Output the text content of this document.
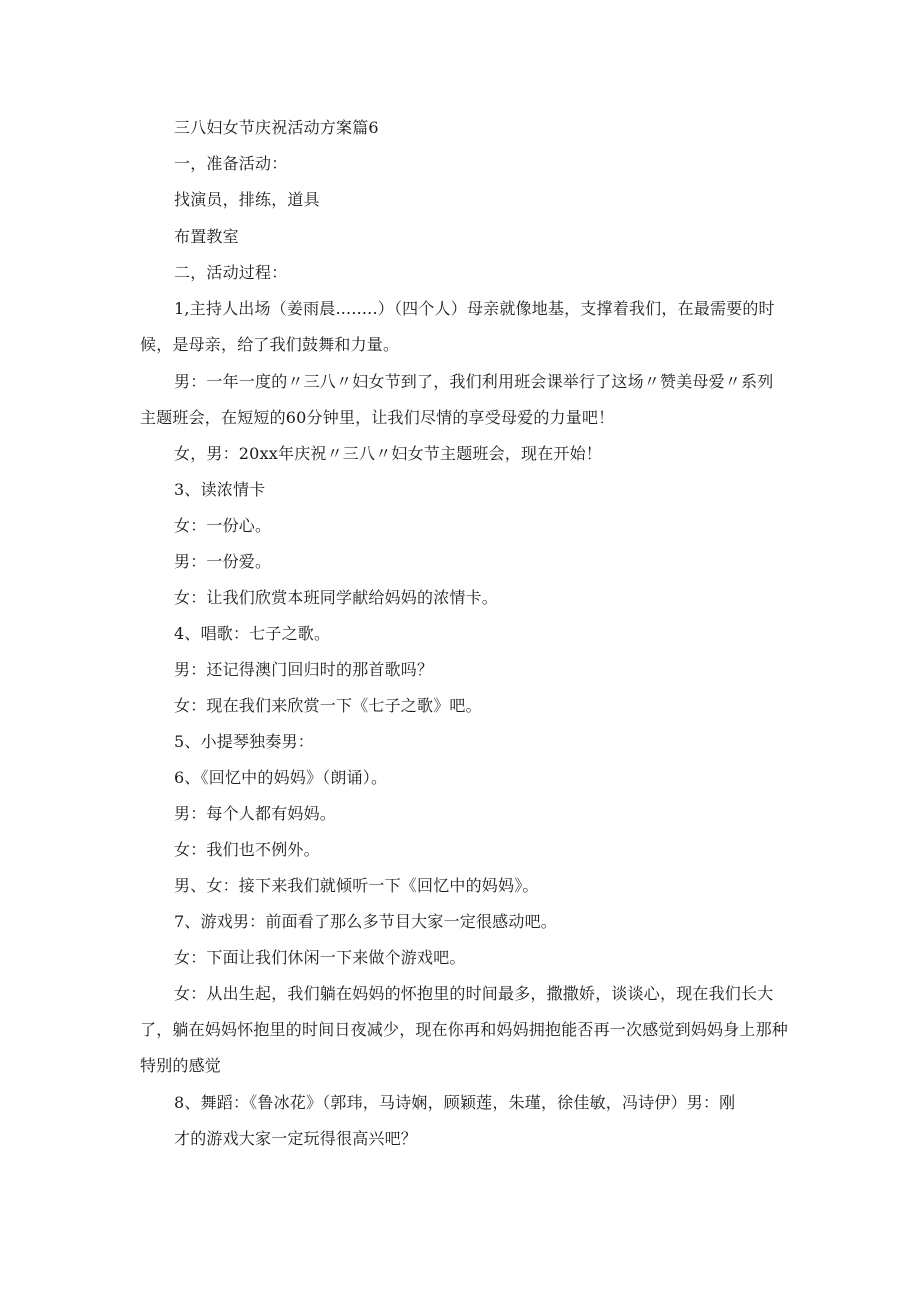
三八妇女节庆祝活动方案篇6
一，准备活动：
找演员，排练，道具
布置教室
二，活动过程：
1,主持人出场（姜雨晨........）（四个人）母亲就像地基，支撑着我们，在最需要的时候，是母亲，给了我们鼓舞和力量。
男：一年一度的〃三八〃妇女节到了，我们利用班会课举行了这场〃赞美母爱〃系列主题班会，在短短的60分钟里，让我们尽情的享受母爱的力量吧！
女，男：20xx年庆祝〃三八〃妇女节主题班会，现在开始！
3、读浓情卡
女：一份心。
男：一份爱。
女：让我们欣赏本班同学献给妈妈的浓情卡。
4、唱歌：七子之歌。
男：还记得澳门回归时的那首歌吗？
女：现在我们来欣赏一下《七子之歌》吧。
5、小提琴独奏男：
6、《回忆中的妈妈》（朗诵）。
男：每个人都有妈妈。
女：我们也不例外。
男、女：接下来我们就倾听一下《回忆中的妈妈》。
7、游戏男：前面看了那么多节目大家一定很感动吧。
女：下面让我们休闲一下来做个游戏吧。
女：从出生起，我们躺在妈妈的怀抱里的时间最多，撒撒娇，谈谈心，现在我们长大了，躺在妈妈怀抱里的时间日夜减少，现在你再和妈妈拥抱能否再一次感觉到妈妈身上那种特别的感觉
8、舞蹈：《鲁冰花》（郭玮，马诗娴，顾颖莲，朱瑾，徐佳敏，冯诗伊）男：刚
才的游戏大家一定玩得很高兴吧？
